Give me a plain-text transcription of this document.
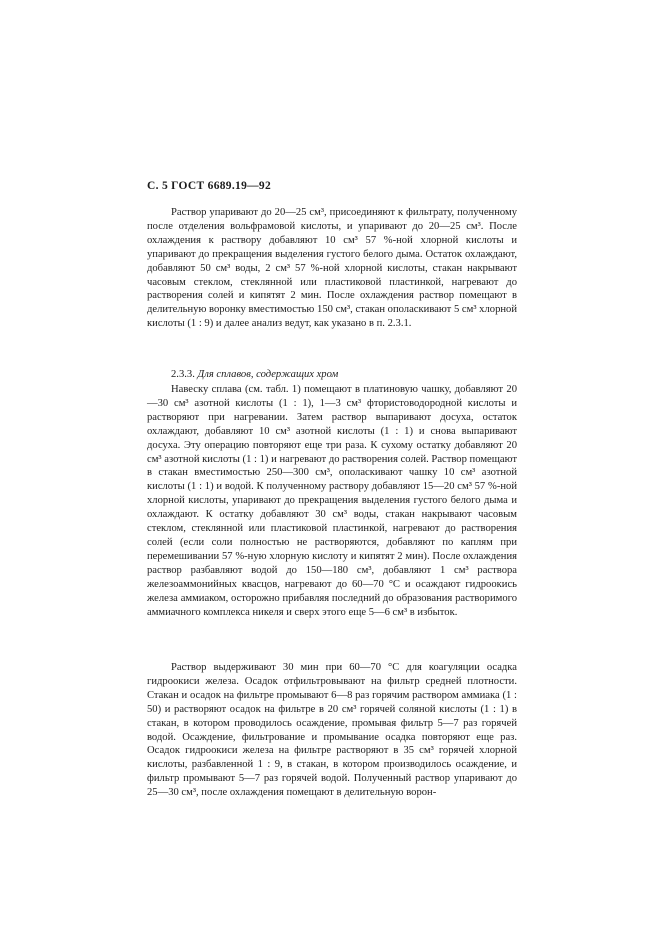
С. 5 ГОСТ 6689.19—92

Раствор упаривают до 20—25 см³, присоединяют к фильтрату, полученному после отделения вольфрамовой кислоты, и упаривают до 20—25 см³. После охлаждения к раствору добавляют 10 см³ 57 %-ной хлорной кислоты и упаривают до прекращения выделения густого белого дыма. Остаток охлаждают, добавляют 50 см³ воды, 2 см³ 57 %-ной хлорной кислоты, стакан накрывают часовым стеклом, стеклянной или пластиковой пластинкой, нагревают до растворения солей и кипятят 2 мин. После охлаждения раствор помещают в делительную воронку вместимостью 150 см³, стакан ополаскивают 5 см³ хлорной кислоты (1 : 9) и далее анализ ведут, как указано в п. 2.3.1.

2.3.3. Для сплавов, содержащих хром

Навеску сплава (см. табл. 1) помещают в платиновую чашку, добавляют 20—30 см³ азотной кислоты (1 : 1), 1—3 см³ фтористоводородной кислоты и растворяют при нагревании. Затем раствор выпаривают досуха, остаток охлаждают, добавляют 10 см³ азотной кислоты (1 : 1) и снова выпаривают досуха. Эту операцию повторяют еще три раза. К сухому остатку добавляют 20 см³ азотной кислоты (1 : 1) и нагревают до растворения солей. Раствор помещают в стакан вместимостью 250—300 см³, ополаскивают чашку 10 см³ азотной кислоты (1 : 1) и водой. К полученному раствору добавляют 15—20 см³ 57 %-ной хлорной кислоты, упаривают до прекращения выделения густого белого дыма и охлаждают. К остатку добавляют 30 см³ воды, стакан накрывают часовым стеклом, стеклянной или пластиковой пластинкой, нагревают до растворения солей (если соли полностью не растворяются, добавляют по каплям при перемешивании 57 %-ную хлорную кислоту и кипятят 2 мин). После охлаждения раствор разбавляют водой до 150—180 см³, добавляют 1 см³ раствора железоаммонийных квасцов, нагревают до 60—70 °С и осаждают гидроокись железа аммиаком, осторожно прибавляя последний до образования растворимого аммиачного комплекса никеля и сверх этого еще 5—6 см³ в избыток.

Раствор выдерживают 30 мин при 60—70 °С для коагуляции осадка гидроокиси железа. Осадок отфильтровывают на фильтр средней плотности. Стакан и осадок на фильтре промывают 6—8 раз горячим раствором аммиака (1 : 50) и растворяют осадок на фильтре в 20 см³ горячей соляной кислоты (1 : 1) в стакан, в котором проводилось осаждение, промывая фильтр 5—7 раз горячей водой. Осаждение, фильтрование и промывание осадка повторяют еще раз. Осадок гидроокиси железа на фильтре растворяют в 35 см³ горячей хлорной кислоты, разбавленной 1 : 9, в стакан, в котором производилось осаждение, и фильтр промывают 5—7 раз горячей водой. Полученный раствор упаривают до 25—30 см³, после охлаждения помещают в делительную ворон-
